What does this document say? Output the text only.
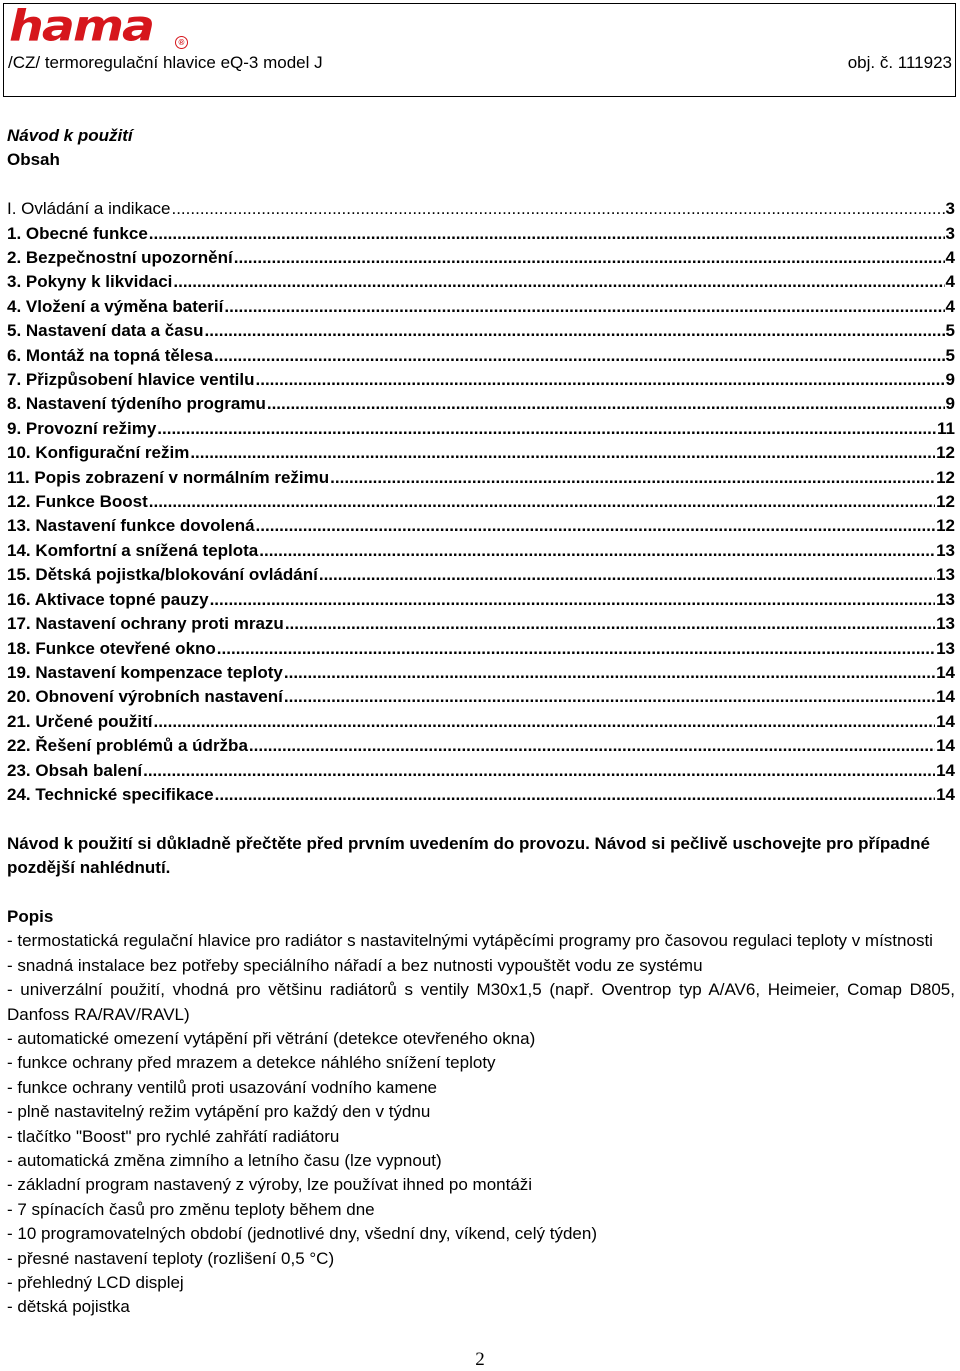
hama	®
/CZ/ termoregulační hlavice eQ-3 model J	obj. č. 111923
Návod k použití
Obsah
I. Ovládání a indikace .....	3
1. Obecné funkce .....	3
2. Bezpečnostní upozornění .....	4
3. Pokyny k likvidaci .....	4
4. Vložení a výměna baterií .....	4
5. Nastavení data a času .....	5
6. Montáž na topná tělesa .....	5
7. Přizpůsobení hlavice ventilu .....	9
8. Nastavení týdeního programu .....	9
9. Provozní režimy .....	11
10. Konfigurační režim .....	12
11. Popis zobrazení v normálním režimu .....	12
12. Funkce Boost .....	12
13. Nastavení funkce dovolená .....	12
14. Komfortní a snížená teplota .....	13
15. Dětská pojistka/blokování ovládání .....	13
16. Aktivace topné pauzy .....	13
17. Nastavení ochrany proti mrazu .....	13
18. Funkce otevřené okno .....	13
19. Nastavení kompenzace teploty .....	14
20. Obnovení výrobních nastavení .....	14
21. Určené použití .....	14
22. Řešení problémů a údržba .....	14
23. Obsah balení .....	14
24. Technické specifikace .....	14
Návod k použití si důkladně přečtěte před prvním uvedením do provozu. Návod si pečlivě uschovejte pro případné pozdější nahlédnutí.
Popis
- termostatická regulační hlavice pro radiátor s nastavitelnými vytápěcími programy pro časovou regulaci teploty v místnosti
- snadná instalace bez potřeby speciálního nářadí a bez nutnosti vypouštět vodu ze systému
- univerzální použití, vhodná pro většinu radiátorů s ventily M30x1,5 (např. Oventrop typ A/AV6, Heimeier, Comap D805, Danfoss RA/RAV/RAVL)
- automatické omezení vytápění při větrání (detekce otevřeného okna)
- funkce ochrany před mrazem a detekce náhlého snížení teploty
- funkce ochrany ventilů proti usazování vodního kamene
- plně nastavitelný režim vytápění pro každý den v týdnu
- tlačítko "Boost" pro rychlé zahřátí radiátoru
- automatická změna zimního a letního času (lze vypnout)
- základní program nastavený z výroby, lze používat ihned po montáži
- 7 spínacích časů pro změnu teploty během dne
- 10 programovatelných období (jednotlivé dny, všední dny, víkend, celý týden)
- přesné nastavení teploty (rozlišení 0,5 °C)
- přehledný LCD displej
- dětská pojistka
2
